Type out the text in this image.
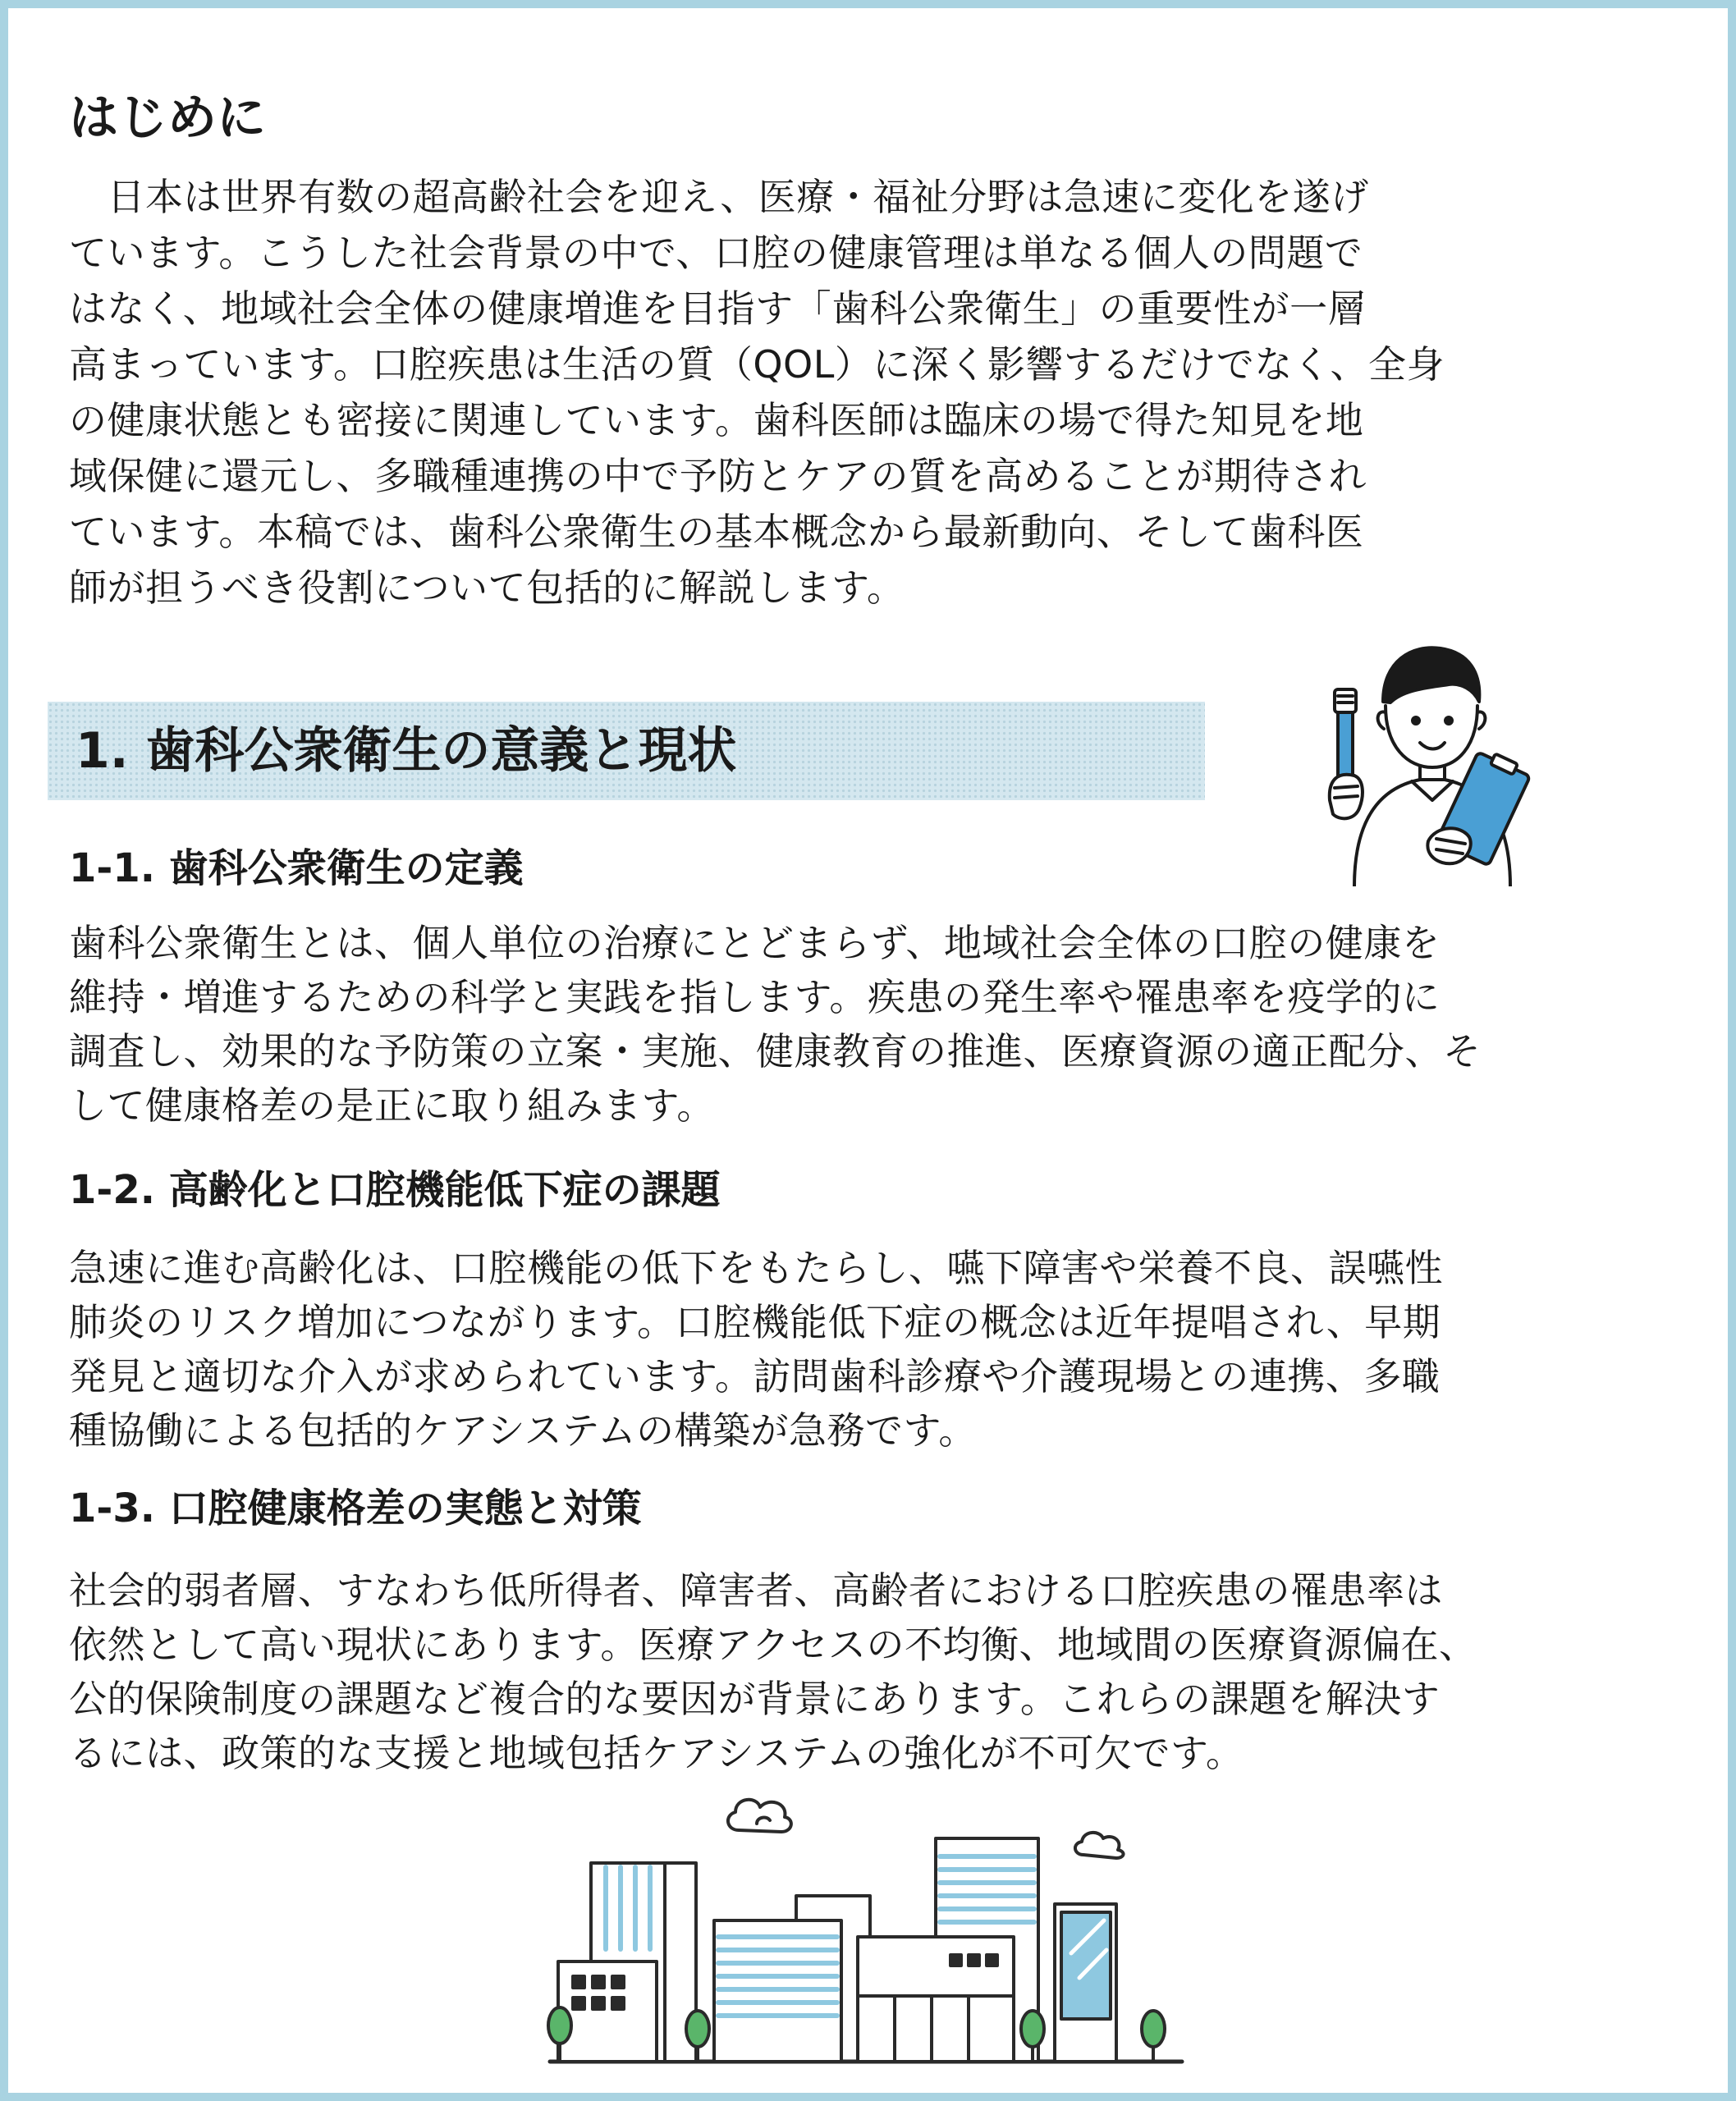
はじめに

　日本は世界有数の超高齢社会を迎え、医療・福祉分野は急速に変化を遂げ
ています。こうした社会背景の中で、口腔の健康管理は単なる個人の問題で
はなく、地域社会全体の健康増進を目指す「歯科公衆衛生」の重要性が一層
高まっています。口腔疾患は生活の質（QOL）に深く影響するだけでなく、全身
の健康状態とも密接に関連しています。歯科医師は臨床の場で得た知見を地
域保健に還元し、多職種連携の中で予防とケアの質を高めることが期待され
ています。本稿では、歯科公衆衛生の基本概念から最新動向、そして歯科医
師が担うべき役割について包括的に解説します。

1. 歯科公衆衛生の意義と現状
1-1. 歯科公衆衛生の定義

歯科公衆衛生とは、個人単位の治療にとどまらず、地域社会全体の口腔の健康を
維持・増進するための科学と実践を指します。疾患の発生率や罹患率を疫学的に
調査し、効果的な予防策の立案・実施、健康教育の推進、医療資源の適正配分、そ
して健康格差の是正に取り組みます。

1-2. 高齢化と口腔機能低下症の課題

急速に進む高齢化は、口腔機能の低下をもたらし、嚥下障害や栄養不良、誤嚥性
肺炎のリスク増加につながります。口腔機能低下症の概念は近年提唱され、早期
発見と適切な介入が求められています。訪問歯科診療や介護現場との連携、多職
種協働による包括的ケアシステムの構築が急務です。

1-3. 口腔健康格差の実態と対策

社会的弱者層、すなわち低所得者、障害者、高齢者における口腔疾患の罹患率は
依然として高い現状にあります。医療アクセスの不均衡、地域間の医療資源偏在、
公的保険制度の課題など複合的な要因が背景にあります。これらの課題を解決す
るには、政策的な支援と地域包括ケアシステムの強化が不可欠です。
